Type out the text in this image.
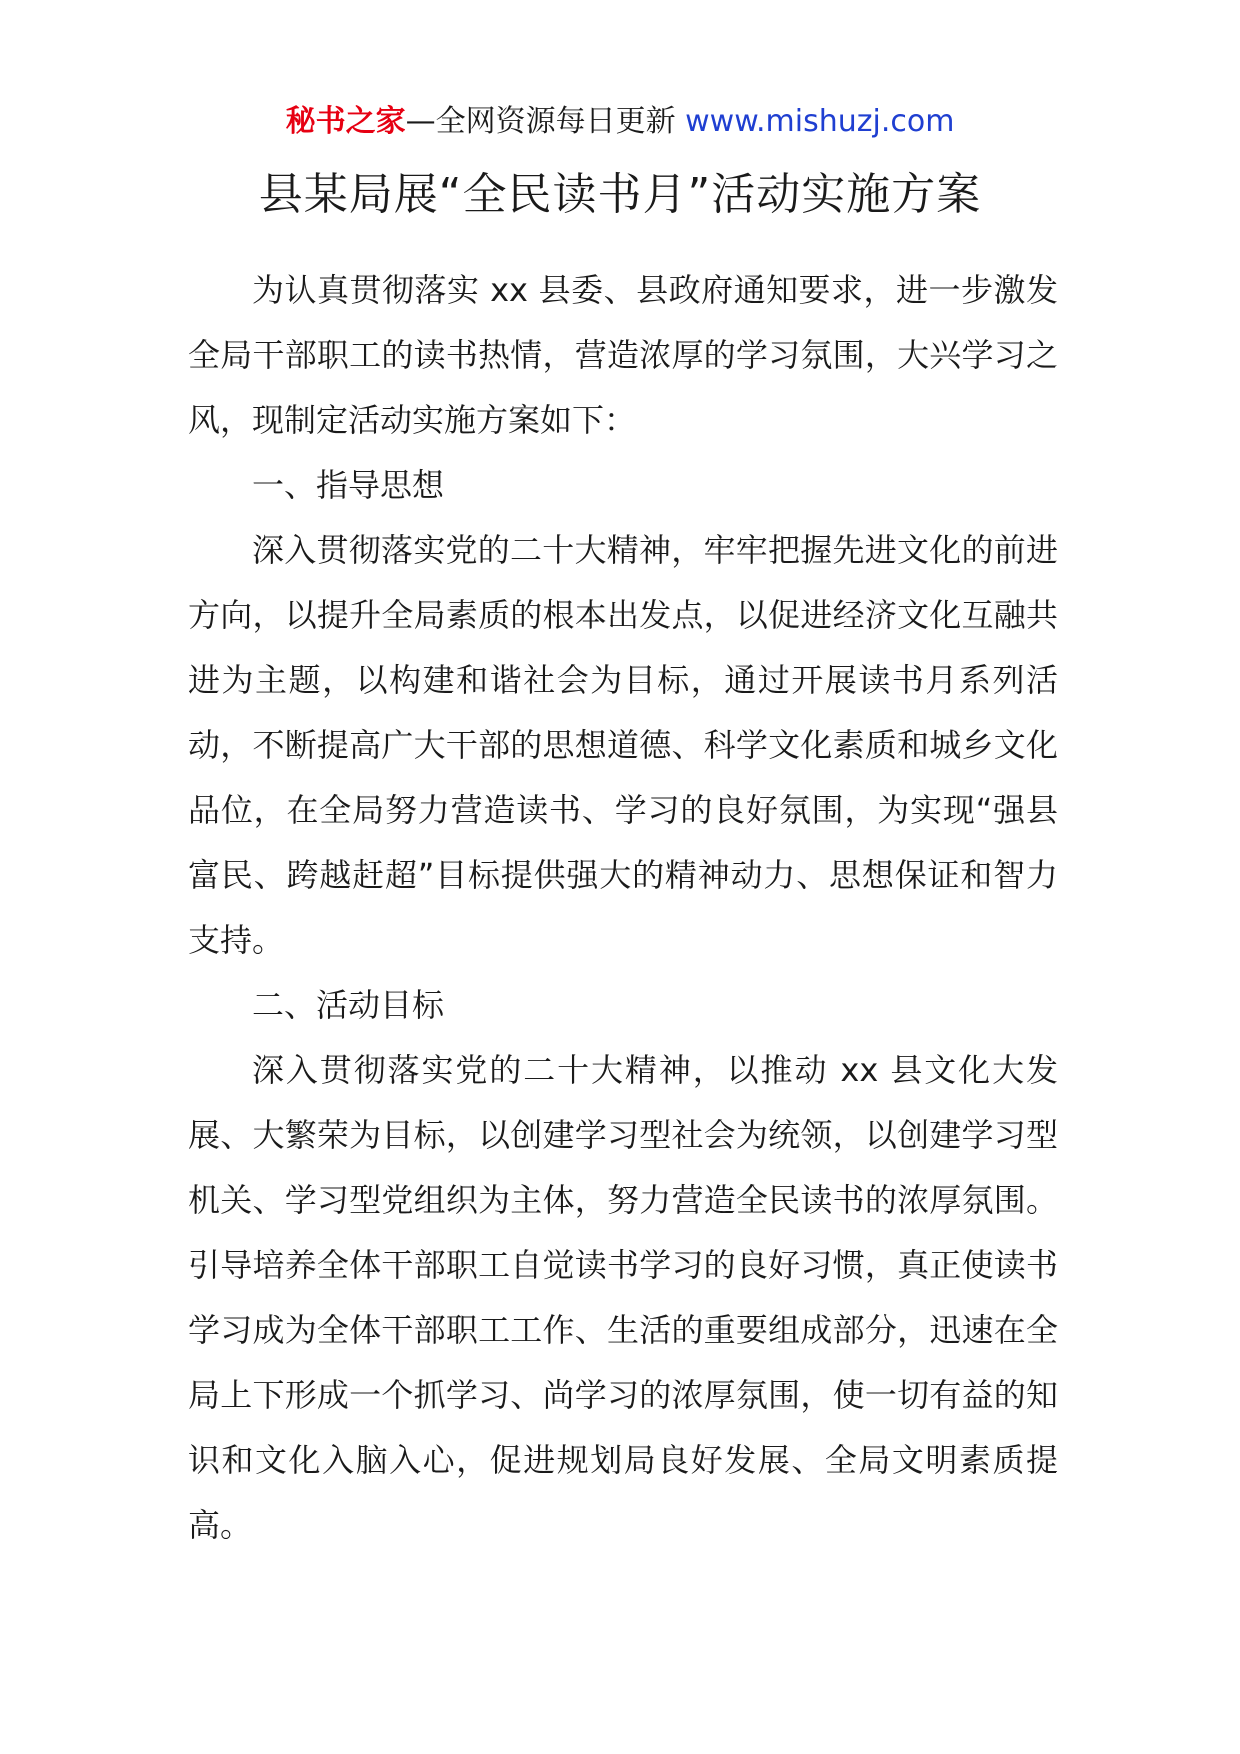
秘书之家—全网资源每日更新 www.mishuzj.com
县某局展“全民读书月”活动实施方案

为认真贯彻落实 xx 县委、县政府通知要求，进一步激发全局干部职工的读书热情，营造浓厚的学习氛围，大兴学习之风，现制定活动实施方案如下：

一、指导思想

深入贯彻落实党的二十大精神，牢牢把握先进文化的前进方向，以提升全局素质的根本出发点，以促进经济文化互融共进为主题，以构建和谐社会为目标，通过开展读书月系列活动，不断提高广大干部的思想道德、科学文化素质和城乡文化品位，在全局努力营造读书、学习的良好氛围，为实现“强县富民、跨越赶超”目标提供强大的精神动力、思想保证和智力支持。

二、活动目标

深入贯彻落实党的二十大精神，以推动 xx 县文化大发展、大繁荣为目标，以创建学习型社会为统领，以创建学习型机关、学习型党组织为主体，努力营造全民读书的浓厚氛围。引导培养全体干部职工自觉读书学习的良好习惯，真正使读书学习成为全体干部职工工作、生活的重要组成部分，迅速在全局上下形成一个抓学习、尚学习的浓厚氛围，使一切有益的知识和文化入脑入心，促进规划局良好发展、全局文明素质提高。
